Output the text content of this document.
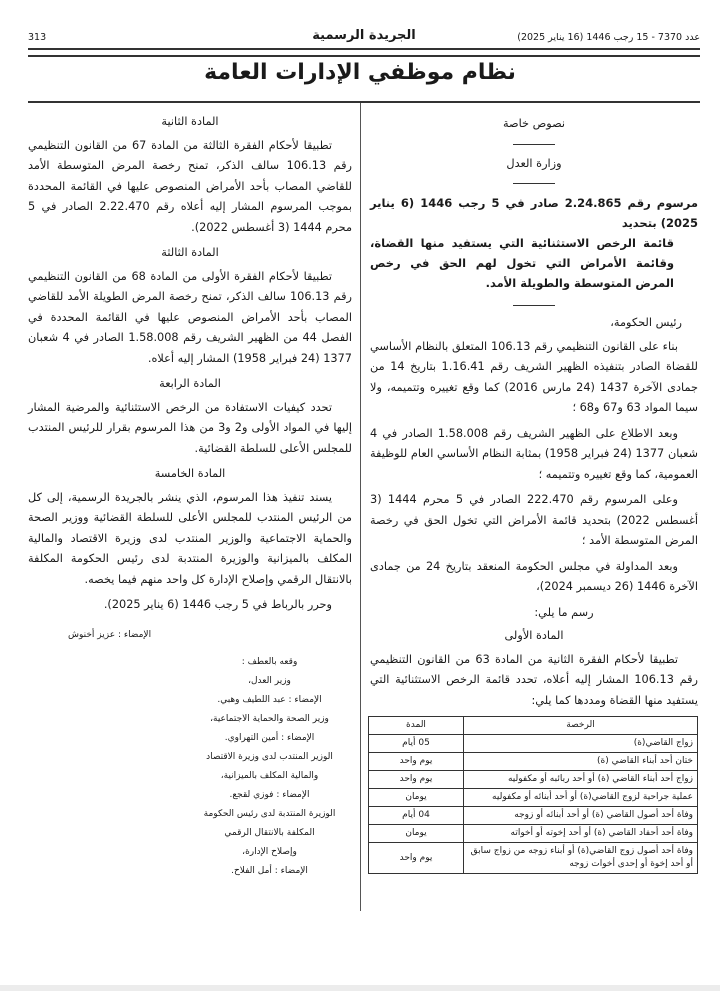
عدد 7370 - 15 رجب 1446 (16 يناير 2025)
الجريدة الرسمية
313
نظام موظفي الإدارات العامة
نصوص خاصة
وزارة العدل
مرسوم رقم 2.24.865 صادر في 5 رجب 1446 (6 يناير 2025) بتحديد
قائمة الرخص الاستثنائية التي يستفيد منها القضاة، وقائمة الأمراض التي تخول لهم الحق في رخص المرض المتوسطة والطويلة الأمد.
رئيس الحكومة،

بناء على القانون التنظيمي رقم 106.13 المتعلق بالنظام الأساسي للقضاة الصادر بتنفيذه الظهير الشريف رقم 1.16.41 بتاريخ 14 من جمادى الآخرة 1437 (24 مارس 2016) كما وقع تغييره وتتميمه، ولا سيما المواد 63 و67 و68 ؛

وبعد الاطلاع على الظهير الشريف رقم 1.58.008 الصادر في 4 شعبان 1377 (24 فبراير 1958) بمثابة النظام الأساسي العام للوظيفة العمومية، كما وقع تغييره وتتميمه ؛

وعلى المرسوم رقم 222.470 الصادر في 5 محرم 1444 (3 أغسطس 2022) بتحديد قائمة الأمراض التي تخول الحق في رخصة المرض المتوسطة الأمد ؛

وبعد المداولة في مجلس الحكومة المنعقد بتاريخ 24 من جمادى الآخرة 1446 (26 ديسمبر 2024)،

رسم ما يلي:
المادة الأولى

تطبيقا لأحكام الفقرة الثانية من المادة 63 من القانون التنظيمي رقم 106.13 المشار إليه أعلاه، تحدد قائمة الرخص الاستثنائية التي يستفيد منها القضاة ومددها كما يلي:

الرخصة	المدة
زواج القاضي(ة)	05 أيام
ختان أحد أبناء القاضي (ة)	يوم واحد
زواج أحد أبناء القاضي (ة) أو أحد ربائبه أو مكفوليه	يوم واحد
عملية جراحية لزوج القاضي(ة) أو أحد أبنائه أو مكفوليه	يومان
وفاة أحد أصول القاضي (ة) أو أحد أبنائه أو زوجه	04 أيام
وفاة أحد أحفاد القاضي (ة) أو أحد إخوته أو أخواته	يومان
وفاة أحد أصول زوج القاضي(ة) أو أبناء زوجه من زواج سابق أو أحد إخوة أو إحدى أخوات زوجه	يوم واحد
المادة الثانية

تطبيقا لأحكام الفقرة الثالثة من المادة 67 من القانون التنظيمي رقم 106.13 سالف الذكر، تمنح رخصة المرض المتوسطة الأمد للقاضي المصاب بأحد الأمراض المنصوص عليها في القائمة المحددة بموجب المرسوم المشار إليه أعلاه رقم 2.22.470 الصادر في 5 محرم 1444 (3 أغسطس 2022).

المادة الثالثة

تطبيقا لأحكام الفقرة الأولى من المادة 68 من القانون التنظيمي رقم 106.13 سالف الذكر، تمنح رخصة المرض الطويلة الأمد للقاضي المصاب بأحد الأمراض المنصوص عليها في القائمة المحددة في الفصل 44 من الظهير الشريف رقم 1.58.008 الصادر في 4 شعبان 1377 (24 فبراير 1958) المشار إليه أعلاه.

المادة الرابعة

تحدد كيفيات الاستفادة من الرخص الاستثنائية والمرضية المشار إليها في المواد الأولى و2 و3 من هذا المرسوم بقرار للرئيس المنتدب للمجلس الأعلى للسلطة القضائية.

المادة الخامسة

يسند تنفيذ هذا المرسوم، الذي ينشر بالجريدة الرسمية، إلى كل من الرئيس المنتدب للمجلس الأعلى للسلطة القضائية ووزير الصحة والحماية الاجتماعية والوزير المنتدب لدى وزيرة الاقتصاد والمالية المكلف بالميزانية والوزيرة المنتدبة لدى رئيس الحكومة المكلفة بالانتقال الرقمي وإصلاح الإدارة كل واحد منهم فيما يخصه.

وحرر بالرباط في 5 رجب 1446 (6 يناير 2025).

الإمضاء : عزيز أخنوش
وقعه بالعطف :
وزير العدل،
الإمضاء : عبد اللطيف وهبي.
وزير الصحة والحماية الاجتماعية،
الإمضاء : أمين التهراوي.
الوزير المنتدب لدى وزيرة الاقتصاد
والمالية المكلف بالميزانية،
الإمضاء : فوزي لقجع.
الوزيرة المنتدبة لدى رئيس الحكومة
المكلفة بالانتقال الرقمي
وإصلاح الإدارة،
الإمضاء : أمل الفلاح.
